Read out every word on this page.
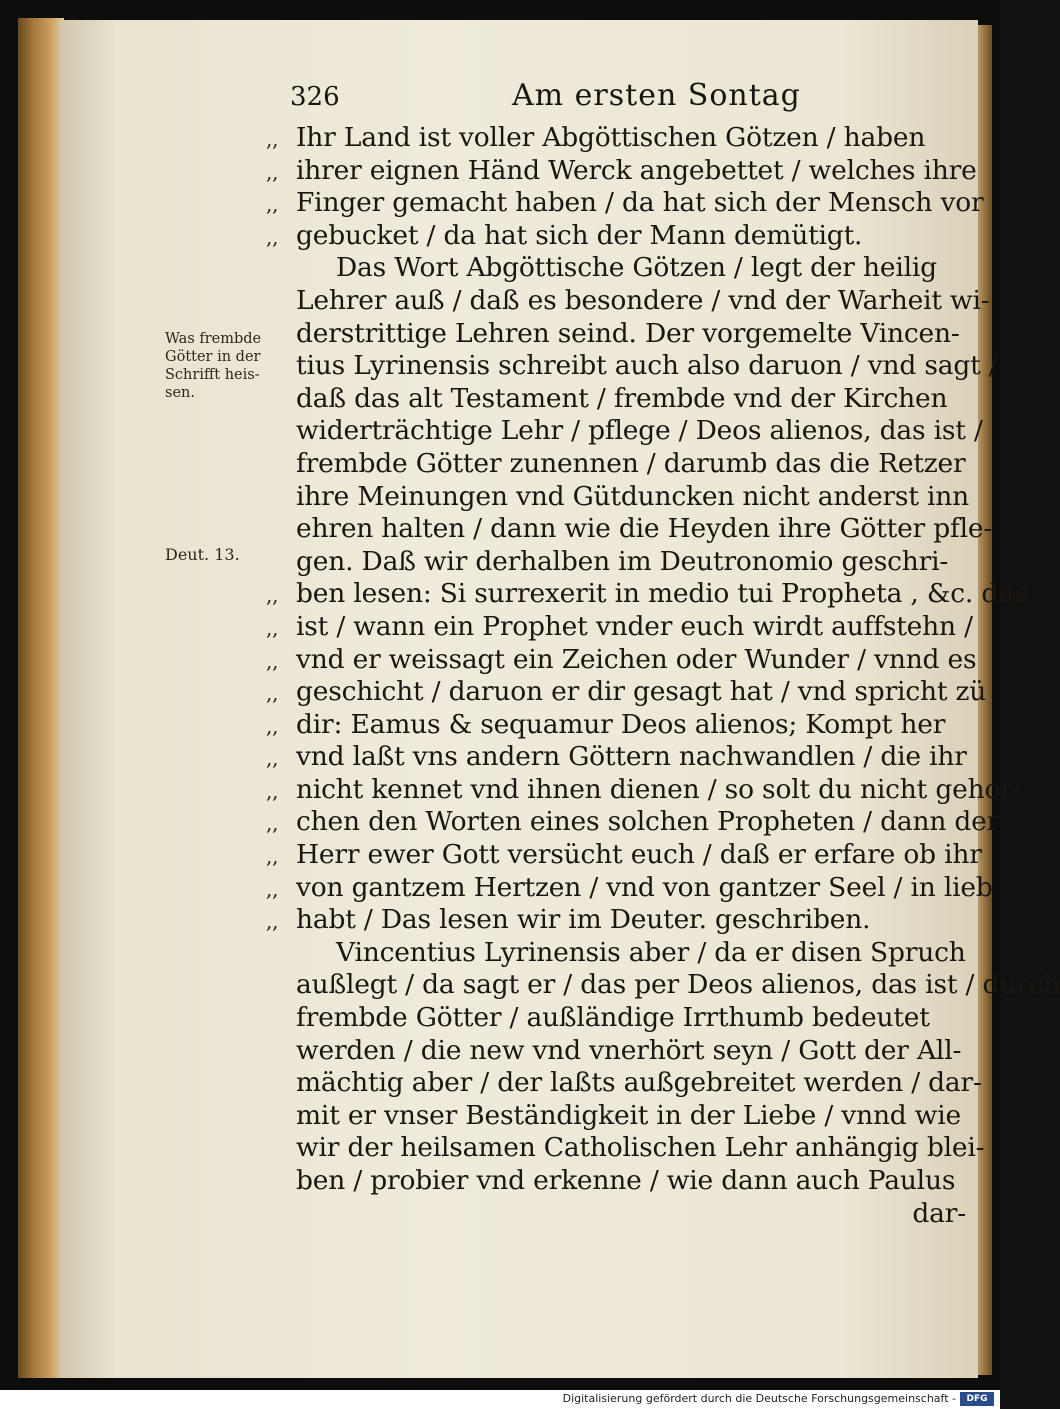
326	Am ersten Sontag
Was frembde Götter in der Schrifft heis-sen.
Deut. 13.
,, Ihr Land ist voller Abgöttischen Götzen / haben
,, ihrer eignen Händ Werck angebettet / welches ihre
,, Finger gemacht haben / da hat sich der Mensch vor
,, gebucket / da hat sich der Mann demütigt.
Das Wort Abgöttische Götzen / legt der heilig
Lehrer auß / daß es besondere / vnd der Warheit wi-
derstrittige Lehren seind. Der vorgemelte Vincen-
tius Lyrinensis schreibt auch also daruon / vnd sagt /
daß das alt Testament / frembde vnd der Kirchen
widerträchtige Lehr / pflege / Deos alienos, das ist /
frembde Götter zunennen / darumb das die Retzer
ihre Meinungen vnd Gütduncken nicht anderst inn
ehren halten / dann wie die Heyden ihre Götter pfle-
gen. Daß wir derhalben im Deutronomio geschri-
,, ben lesen: Si surrexerit in medio tui Propheta , &c. das
,, ist / wann ein Prophet vnder euch wirdt auffstehn /
,, vnd er weissagt ein Zeichen oder Wunder / vnnd es
,, geschicht / daruon er dir gesagt hat / vnd spricht zü
,, dir: Eamus & sequamur Deos alienos; Kompt her
,, vnd laßt vns andern Göttern nachwandlen / die ihr
,, nicht kennet vnd ihnen dienen / so solt du nicht gehor-
,, chen den Worten eines solchen Propheten / dann der
,, Herr ewer Gott versücht euch / daß er erfare ob ihr
,, von gantzem Hertzen / vnd von gantzer Seel / in lieb
,, habt / Das lesen wir im Deuter. geschriben.
Vincentius Lyrinensis aber / da er disen Spruch
außlegt / da sagt er / das per Deos alienos, das ist / durch
frembde Götter / außländige Irrthumb bedeutet
werden / die new vnd vnerhört seyn / Gott der All-
mächtig aber / der laßts außgebreitet werden / dar-
mit er vnser Beständigkeit in der Liebe / vnnd wie
wir der heilsamen Catholischen Lehr anhängig blei-
ben / probier vnd erkenne / wie dann auch Paulus
dar-
Digitalisierung gefördert durch die Deutsche Forschungsgemeinschaft -	DFG
